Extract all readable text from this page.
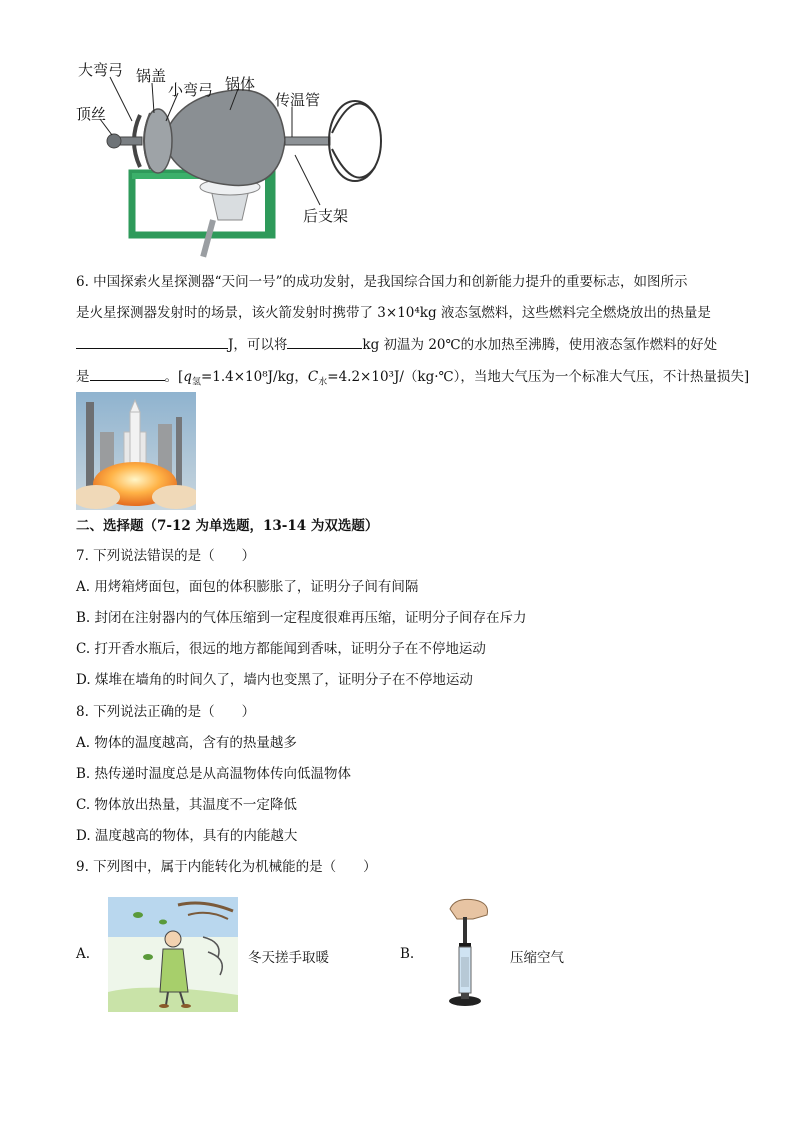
大弯弓 锅盖
小弯弓 锅体
传温管
顶丝
后支架
6. 中国探索火星探测器“天问一号”的成功发射，是我国综合国力和创新能力提升的重要标志，如图所示
是火星探测器发射时的场景，该火箭发射时携带了 3×10⁴kg 液态氢燃料，这些燃料完全燃烧放出的热量是
J，可以将	kg 初温为 20℃的水加热至沸腾，使用液态氢作燃料的好处
是	。[$q_氢=1.4\times 10^8J/kg$，$C_水=4.2\times 10^3J/(kg\cdot℃)$，当地大气压为一个标准大气压，不计热量损失]
二、选择题（7-12 为单选题，13-14 为双选题）
7. 下列说法错误的是（　　）
A. 用烤箱烤面包，面包的体积膨胀了，证明分子间有间隔
B. 封闭在注射器内的气体压缩到一定程度很难再压缩，证明分子间存在斥力
C. 打开香水瓶后，很远的地方都能闻到香味，证明分子在不停地运动
D. 煤堆在墙角的时间久了，墙内也变黑了，证明分子在不停地运动
8. 下列说法正确的是（　　）
A. 物体的温度越高，含有的热量越多
B. 热传递时温度总是从高温物体传向低温物体
C. 物体放出热量，其温度不一定降低
D. 温度越高的物体，具有的内能越大
9. 下列图中，属于内能转化为机械能的是（　　）
A.	冬天搓手取暖	B.	压缩空气
